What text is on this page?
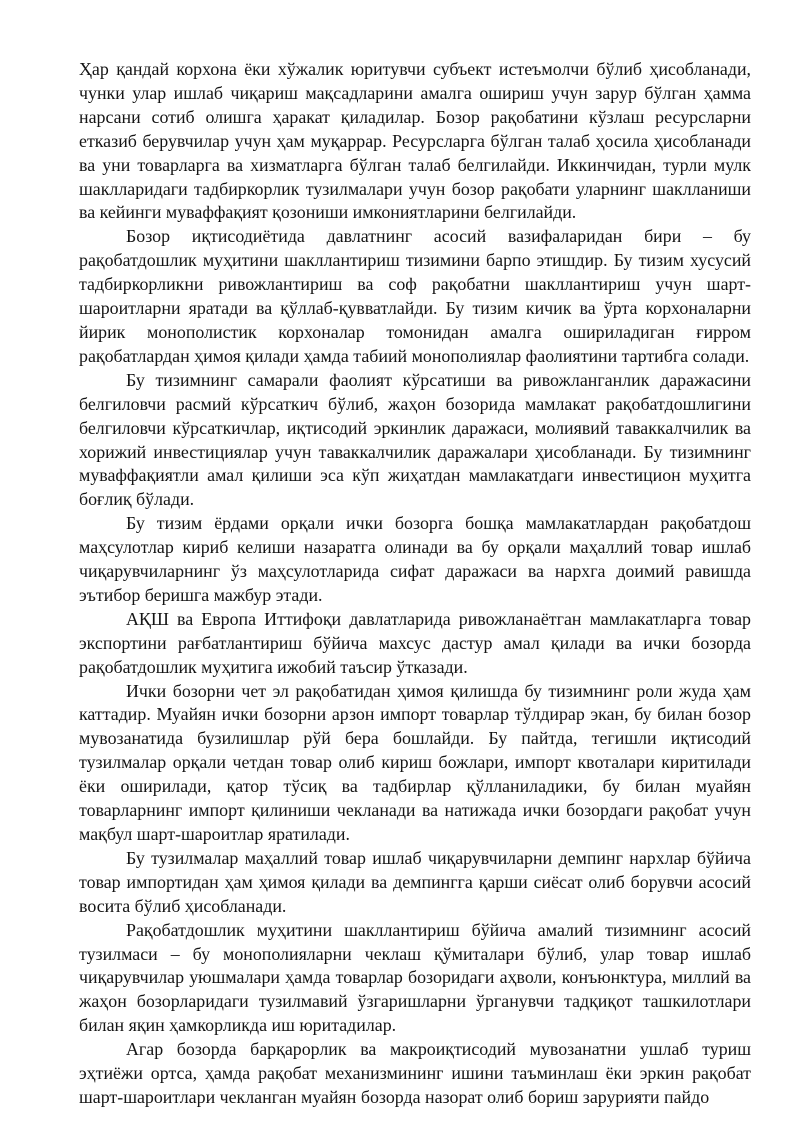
Ҳар қандай корхона ёки хўжалик юритувчи субъект истеъмолчи бўлиб ҳисобланади, чунки улар ишлаб чиқариш мақсадларини амалга ошириш учун зарур бўлган ҳамма нарсани сотиб олишга ҳаракат қиладилар. Бозор рақобатини кўзлаш ресурсларни етказиб берувчилар учун ҳам муқаррар. Ресурсларга бўлган талаб ҳосила ҳисобланади ва уни товарларга ва хизматларга бўлган талаб белгилайди. Иккинчидан, турли мулк шаклларидаги тадбиркорлик тузилмалари учун бозор рақобати уларнинг шаклланиши ва кейинги муваффақият қозониши имкониятларини белгилайди.

Бозор иқтисодиётида давлатнинг асосий вазифаларидан бири – бу рақобатдошлик муҳитини шакллантириш тизимини барпо этишдир. Бу тизим хусусий тадбиркорликни ривожлантириш ва соф рақобатни шакллантириш учун шарт-шароитларни яратади ва қўллаб-қувватлайди. Бу тизим кичик ва ўрта корхоналарни йирик монополистик корхоналар томонидан амалга ошириладиган ғирром рақобатлардан ҳимоя қилади ҳамда табиий монополиялар фаолиятини тартибга солади.

Бу тизимнинг самарали фаолият кўрсатиши ва ривожланганлик даражасини белгиловчи расмий кўрсаткич бўлиб, жаҳон бозорида мамлакат рақобатдошлигини белгиловчи кўрсаткичлар, иқтисодий эркинлик даражаси, молиявий таваккалчилик ва хорижий инвестициялар учун таваккалчилик даражалари ҳисобланади. Бу тизимнинг муваффақиятли амал қилиши эса кўп жиҳатдан мамлакатдаги инвестицион муҳитга боғлиқ бўлади.

Бу тизим ёрдами орқали ички бозорга бошқа мамлакатлардан рақобатдош маҳсулотлар кириб келиши назаратга олинади ва бу орқали маҳаллий товар ишлаб чиқарувчиларнинг ўз маҳсулотларида сифат даражаси ва нархга доимий равишда эътибор беришга мажбур этади.

АҚШ ва Европа Иттифоқи давлатларида ривожланаётган мамлакатларга товар экспортини рағбатлантириш бўйича махсус дастур амал қилади ва ички бозорда рақобатдошлик муҳитига ижобий таъсир ўтказади.

Ички бозорни чет эл рақобатидан ҳимоя қилишда бу тизимнинг роли жуда ҳам каттадир. Муайян ички бозорни арзон импорт товарлар тўлдирар экан, бу билан бозор мувозанатида бузилишлар рўй бера бошлайди. Бу пайтда, тегишли иқтисодий тузилмалар орқали четдан товар олиб кириш божлари, импорт квоталари киритилади ёки оширилади, қатор тўсиқ ва тадбирлар қўлланиладики, бу билан муайян товарларнинг импорт қилиниши чекланади ва натижада ички бозордаги рақобат учун мақбул шарт-шароитлар яратилади.

Бу тузилмалар маҳаллий товар ишлаб чиқарувчиларни демпинг нархлар бўйича товар импортидан ҳам ҳимоя қилади ва демпингга қарши сиёсат олиб борувчи асосий восита бўлиб ҳисобланади.

Рақобатдошлик муҳитини шакллантириш бўйича амалий тизимнинг асосий тузилмаси – бу монополияларни чеклаш қўмиталари бўлиб, улар товар ишлаб чиқарувчилар уюшмалари ҳамда товарлар бозоридаги аҳволи, конъюнктура, миллий ва жаҳон бозорларидаги тузилмавий ўзгаришларни ўрганувчи тадқиқот ташкилотлари билан яқин ҳамкорликда иш юритадилар.

Агар бозорда барқарорлик ва макроиқтисодий мувозанатни ушлаб туриш эҳтиёжи ортса, ҳамда рақобат механизмининг ишини таъминлаш ёки эркин рақобат шарт-шароитлари чекланган муайян бозорда назорат олиб бориш зарурияти пайдо
